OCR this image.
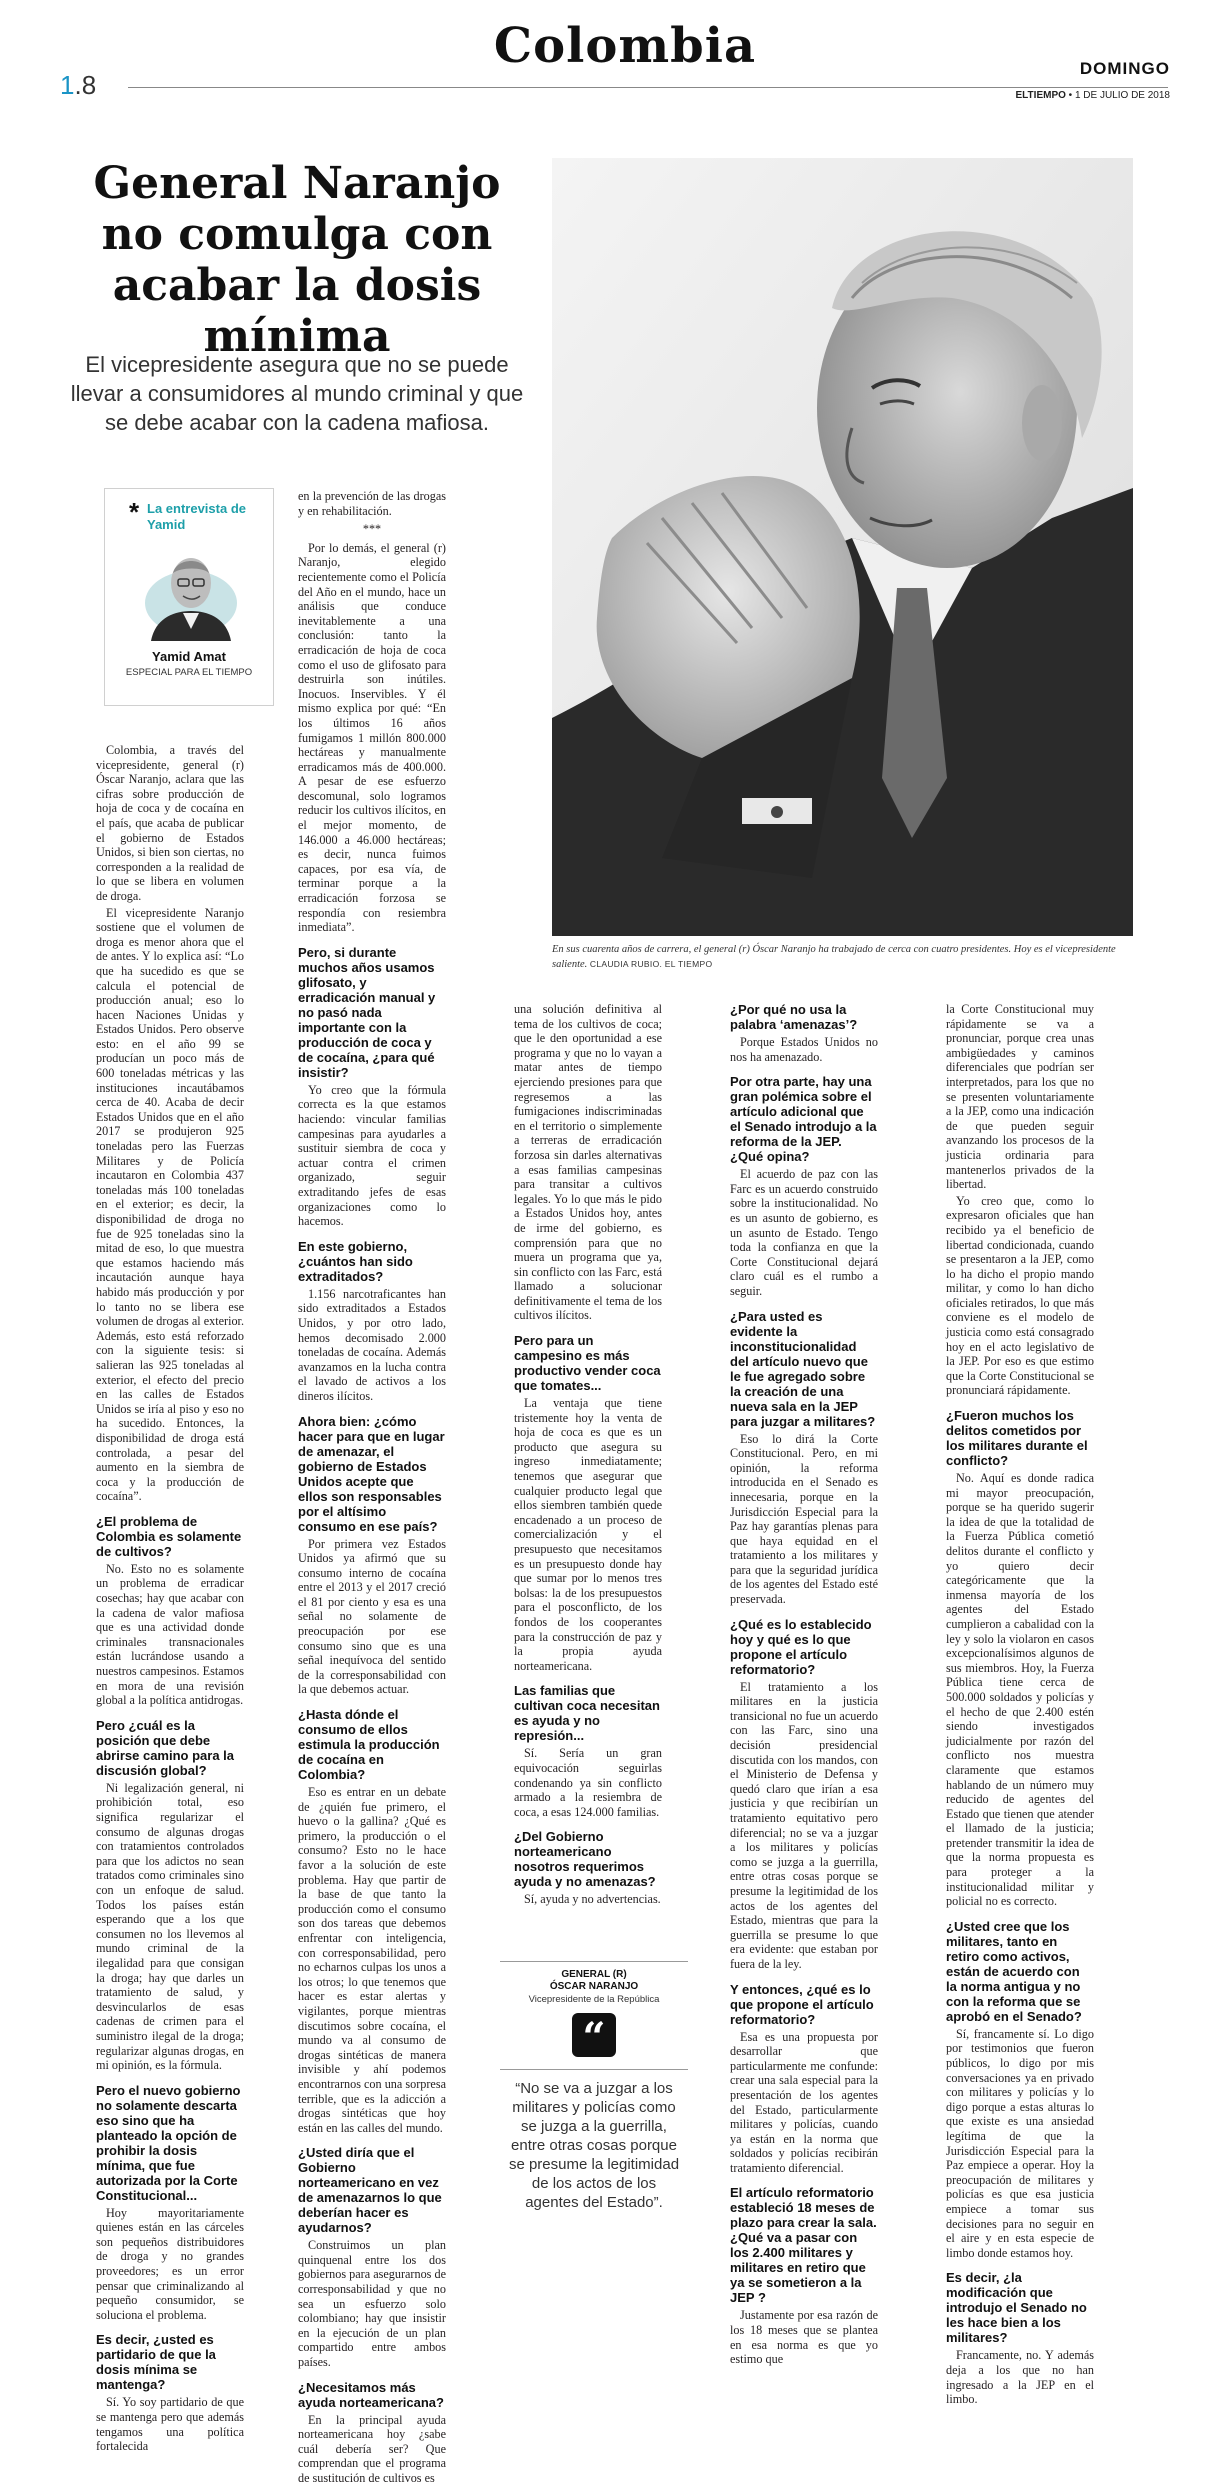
1.8
Colombia	DOMINGO
ELTIEMPO • 1 DE JULIO DE 2018
General Naranjo no comulga con acabar la dosis mínima

El vicepresidente asegura que no se puede llevar a consumidores al mundo criminal y que se debe acabar con la cadena mafiosa.

En sus cuarenta años de carrera, el general (r) Óscar Naranjo ha trabajado de cerca con cuatro presidentes. Hoy es el vicepresidente saliente. CLAUDIA RUBIO. EL TIEMPO
* La entrevista de Yamid
Yamid Amat
ESPECIAL PARA EL TIEMPO

Colombia, a través del vicepresidente, general (r) Óscar Naranjo, aclara que las cifras sobre producción de hoja de coca y de cocaína en el país, que acaba de publicar el gobierno de Estados Unidos, si bien son ciertas, no corresponden a la realidad de lo que se libera en volumen de droga.

El vicepresidente Naranjo sostiene que el volumen de droga es menor ahora que el de antes. Y lo explica así: “Lo que ha sucedido es que se calcula el potencial de producción anual; eso lo hacen Naciones Unidas y Estados Unidos. Pero observe esto: en el año 99 se producían un poco más de 600 toneladas métricas y las instituciones incautábamos cerca de 40. Acaba de decir Estados Unidos que en el año 2017 se produjeron 925 toneladas pero las Fuerzas Militares y de Policía incautaron en Colombia 437 toneladas más 100 toneladas en el exterior; es decir, la disponibilidad de droga no fue de 925 toneladas sino la mitad de eso, lo que muestra que estamos haciendo más incautación aunque haya habido más producción y por lo tanto no se libera ese volumen de drogas al exterior. Además, esto está reforzado con la siguiente tesis: si salieran las 925 toneladas al exterior, el efecto del precio en las calles de Estados Unidos se iría al piso y eso no ha sucedido. Entonces, la disponibilidad de droga está controlada, a pesar del aumento en la siembra de coca y la producción de cocaína”.

¿El problema de Colombia es solamente de cultivos?

No. Esto no es solamente un problema de erradicar cosechas; hay que acabar con la cadena de valor mafiosa que es una actividad donde criminales transnacionales están lucrándose usando a nuestros campesinos. Estamos en mora de una revisión global a la política antidrogas.

Pero ¿cuál es la posición que debe abrirse camino para la discusión global?

Ni legalización general, ni prohibición total, eso significa regularizar el consumo de algunas drogas con tratamientos controlados para que los adictos no sean tratados como criminales sino con un enfoque de salud. Todos los países están esperando que a los que consumen no los llevemos al mundo criminal de la ilegalidad para que consigan la droga; hay que darles un tratamiento de salud, y desvincularlos de esas cadenas de crimen para el suministro ilegal de la droga; regularizar algunas drogas, en mi opinión, es la fórmula.

Pero el nuevo gobierno no solamente descarta eso sino que ha planteado la opción de prohibir la dosis mínima, que fue autorizada por la Corte Constitucional...

Hoy mayoritariamente quienes están en las cárceles son pequeños distribuidores de droga y no grandes proveedores; es un error pensar que criminalizando al pequeño consumidor, se soluciona el problema.

Es decir, ¿usted es partidario de que la dosis mínima se mantenga?

Sí. Yo soy partidario de que se mantenga pero que además tengamos una política fortalecida

en la prevención de las drogas y en rehabilitación.

***

Por lo demás, el general (r) Naranjo, elegido recientemente como el Policía del Año en el mundo, hace un análisis que conduce inevitablemente a una conclusión: tanto la erradicación de hoja de coca como el uso de glifosato para destruirla son inútiles. Inocuos. Inservibles. Y él mismo explica por qué: “En los últimos 16 años fumigamos 1 millón 800.000 hectáreas y manualmente erradicamos más de 400.000. A pesar de ese esfuerzo descomunal, solo logramos reducir los cultivos ilícitos, en el mejor momento, de 146.000 a 46.000 hectáreas; es decir, nunca fuimos capaces, por esa vía, de terminar porque a la erradicación forzosa se respondía con resiembra inmediata”.

Pero, si durante muchos años usamos glifosato, y erradicación manual y no pasó nada importante con la producción de coca y de cocaína, ¿para qué insistir?

Yo creo que la fórmula correcta es la que estamos haciendo: vincular familias campesinas para ayudarles a sustituir siembra de coca y actuar contra el crimen organizado, seguir extraditando jefes de esas organizaciones como lo hacemos.

En este gobierno, ¿cuántos han sido extraditados?

1.156 narcotraficantes han sido extraditados a Estados Unidos, y por otro lado, hemos decomisado 2.000 toneladas de cocaína. Además avanzamos en la lucha contra el lavado de activos a los dineros ilícitos.

Ahora bien: ¿cómo hacer para que en lugar de amenazar, el gobierno de Estados Unidos acepte que ellos son responsables por el altísimo consumo en ese país?

Por primera vez Estados Unidos ya afirmó que su consumo interno de cocaína entre el 2013 y el 2017 creció el 81 por ciento y esa es una señal no solamente de preocupación por ese consumo sino que es una señal inequívoca del sentido de la corresponsabilidad con la que debemos actuar.

¿Hasta dónde el consumo de ellos estimula la producción de cocaína en Colombia?

Eso es entrar en un debate de ¿quién fue primero, el huevo o la gallina? ¿Qué es primero, la producción o el consumo? Esto no le hace favor a la solución de este problema. Hay que partir de la base de que tanto la producción como el consumo son dos tareas que debemos enfrentar con inteligencia, con corresponsabilidad, pero no echarnos culpas los unos a los otros; lo que tenemos que hacer es estar alertas y vigilantes, porque mientras discutimos sobre cocaína, el mundo va al consumo de drogas sintéticas de manera invisible y ahí podemos encontrarnos con una sorpresa terrible, que es la adicción a drogas sintéticas que hoy están en las calles del mundo.

¿Usted diría que el Gobierno norteamericano en vez de amenazarnos lo que deberían hacer es ayudarnos?

Construimos un plan quinquenal entre los dos gobiernos para asegurarnos de corresponsabilidad y que no sea un esfuerzo solo colombiano; hay que insistir en la ejecución de un plan compartido entre ambos países.

¿Necesitamos más ayuda norteamericana?

En la principal ayuda norteamericana hoy ¿sabe cuál debería ser? Que comprendan que el programa de sustitución de cultivos es

una solución definitiva al tema de los cultivos de coca; que le den oportunidad a ese programa y que no lo vayan a matar antes de tiempo ejerciendo presiones para que regresemos a las fumigaciones indiscriminadas en el territorio o simplemente a terreras de erradicación forzosa sin darles alternativas a esas familias campesinas para transitar a cultivos legales. Yo lo que más le pido a Estados Unidos hoy, antes de irme del gobierno, es comprensión para que no muera un programa que ya, sin conflicto con las Farc, está llamado a solucionar definitivamente el tema de los cultivos ilícitos.

Pero para un campesino es más productivo vender coca que tomates...

La ventaja que tiene tristemente hoy la venta de hoja de coca es que es un producto que asegura su ingreso inmediatamente; tenemos que asegurar que cualquier producto legal que ellos siembren también quede encadenado a un proceso de comercialización y el presupuesto que necesitamos es un presupuesto donde hay que sumar por lo menos tres bolsas: la de los presupuestos para el posconflicto, de los fondos de los cooperantes para la construcción de paz y la propia ayuda norteamericana.

Las familias que cultivan coca necesitan es ayuda y no represión...

Sí. Sería un gran equivocación seguirlas condenando ya sin conflicto armado a la resiembra de coca, a esas 124.000 familias.

¿Del Gobierno norteamericano nosotros requerimos ayuda y no amenazas?

Sí, ayuda y no advertencias.

GENERAL (R)
ÓSCAR NARANJO
Vicepresidente de la República
“
“No se va a juzgar a los militares y policías como se juzga a la guerrilla, entre otras cosas porque se presume la legitimidad de los actos de los agentes del Estado”.
¿Por qué no usa la palabra ‘amenazas’?

Porque Estados Unidos no nos ha amenazado.

Por otra parte, hay una gran polémica sobre el artículo adicional que el Senado introdujo a la reforma de la JEP. ¿Qué opina?

El acuerdo de paz con las Farc es un acuerdo construido sobre la institucionalidad. No es un asunto de gobierno, es un asunto de Estado. Tengo toda la confianza en que la Corte Constitucional dejará claro cuál es el rumbo a seguir.

¿Para usted es evidente la inconstitucionalidad del artículo nuevo que le fue agregado sobre la creación de una nueva sala en la JEP para juzgar a militares?

Eso lo dirá la Corte Constitucional. Pero, en mi opinión, la reforma introducida en el Senado es innecesaria, porque en la Jurisdicción Especial para la Paz hay garantías plenas para que haya equidad en el tratamiento a los militares y para que la seguridad jurídica de los agentes del Estado esté preservada.

¿Qué es lo establecido hoy y qué es lo que propone el artículo reformatorio?

El tratamiento a los militares en la justicia transicional no fue un acuerdo con las Farc, sino una decisión presidencial discutida con los mandos, con el Ministerio de Defensa y quedó claro que irían a esa justicia y que recibirían un tratamiento equitativo pero diferencial; no se va a juzgar a los militares y policías como se juzga a la guerrilla, entre otras cosas porque se presume la legitimidad de los actos de los agentes del Estado, mientras que para la guerrilla se presume lo que era evidente: que estaban por fuera de la ley.

Y entonces, ¿qué es lo que propone el artículo reformatorio?

Esa es una propuesta por desarrollar que particularmente me confunde: crear una sala especial para la presentación de los agentes del Estado, particularmente militares y policías, cuando ya están en la norma que soldados y policías recibirán tratamiento diferencial.

El artículo reformatorio estableció 18 meses de plazo para crear la sala. ¿Qué va a pasar con los 2.400 militares y militares en retiro que ya se sometieron a la JEP ?

Justamente por esa razón de los 18 meses que se plantea en esa norma es que yo estimo que

la Corte Constitucional muy rápidamente se va a pronunciar, porque crea unas ambigüedades y caminos diferenciales que podrían ser interpretados, para los que no se presenten voluntariamente a la JEP, como una indicación de que pueden seguir avanzando los procesos de la justicia ordinaria para mantenerlos privados de la libertad.

Yo creo que, como lo expresaron oficiales que han recibido ya el beneficio de libertad condicionada, cuando se presentaron a la JEP, como lo ha dicho el propio mando militar, y como lo han dicho oficiales retirados, lo que más conviene es el modelo de justicia como está consagrado hoy en el acto legislativo de la JEP. Por eso es que estimo que la Corte Constitucional se pronunciará rápidamente.

¿Fueron muchos los delitos cometidos por los militares durante el conflicto?

No. Aquí es donde radica mi mayor preocupación, porque se ha querido sugerir la idea de que la totalidad de la Fuerza Pública cometió delitos durante el conflicto y yo quiero decir categóricamente que la inmensa mayoría de los agentes del Estado cumplieron a cabalidad con la ley y solo la violaron en casos excepcionalísimos algunos de sus miembros. Hoy, la Fuerza Pública tiene cerca de 500.000 soldados y policías y el hecho de que 2.400 estén siendo investigados judicialmente por razón del conflicto nos muestra claramente que estamos hablando de un número muy reducido de agentes del Estado que tienen que atender el llamado de la justicia; pretender transmitir la idea de que la norma propuesta es para proteger a la institucionalidad militar y policial no es correcto.

¿Usted cree que los militares, tanto en retiro como activos, están de acuerdo con la norma antigua y no con la reforma que se aprobó en el Senado?

Sí, francamente sí. Lo digo por testimonios que fueron públicos, lo digo por mis conversaciones ya en privado con militares y policías y lo digo porque a estas alturas lo que existe es una ansiedad legítima de que la Jurisdicción Especial para la Paz empiece a operar. Hoy la preocupación de militares y policías es que esa justicia empiece a tomar sus decisiones para no seguir en el aire y en esta especie de limbo donde estamos hoy.

Es decir, ¿la modificación que introdujo el Senado no les hace bien a los militares?

Francamente, no. Y además deja a los que no han ingresado a la JEP en el limbo.
